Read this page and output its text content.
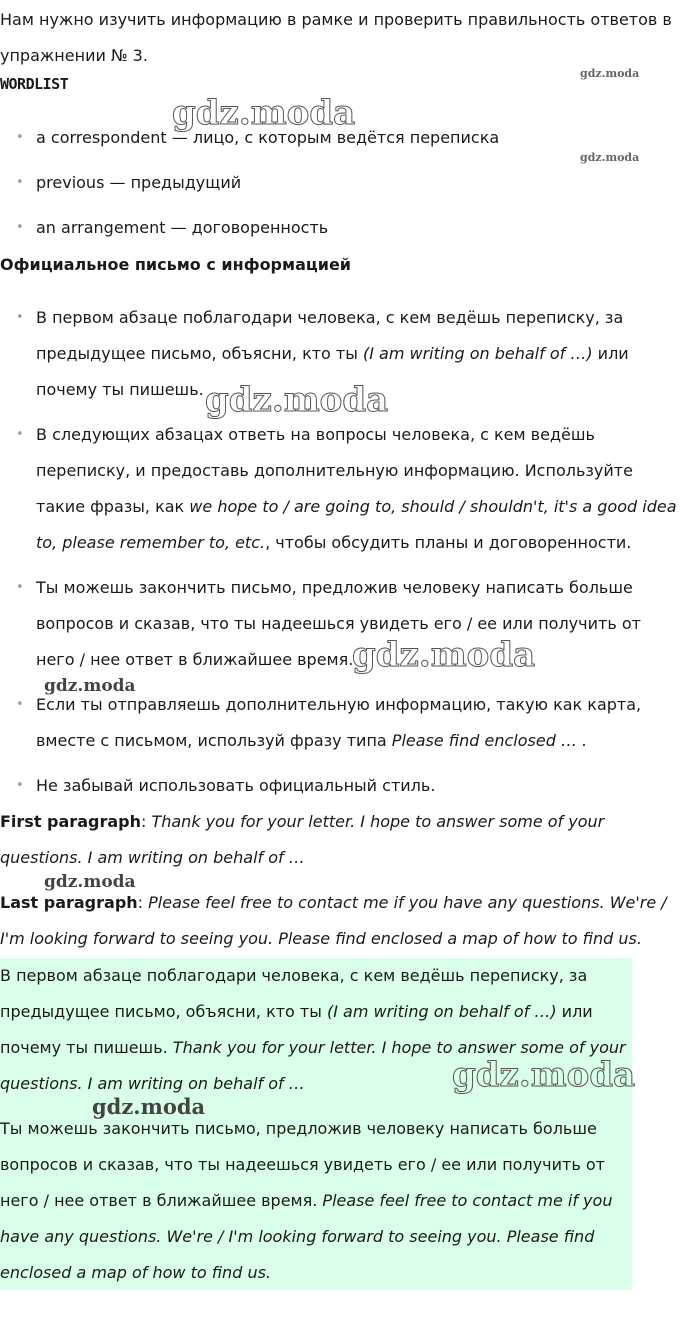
Нам нужно изучить информацию в рамке и проверить правильность ответов в упражнении № 3.

WORDLIST
• a correspondent — лицо, с которым ведётся переписка
• previous — предыдущий
• an arrangement — договоренность
Официальное письмо с информацией
• В первом абзаце поблагодари человека, с кем ведёшь переписку, за предыдущее письмо, объясни, кто ты (I am writing on behalf of …) или почему ты пишешь.
• В следующих абзацах ответь на вопросы человека, с кем ведёшь переписку, и предоставь дополнительную информацию. Используйте такие фразы, как we hope to / are going to, should / shouldn't, it's a good idea to, please remember to, etc., чтобы обсудить планы и договоренности.
• Ты можешь закончить письмо, предложив человеку написать больше вопросов и сказав, что ты надеешься увидеть его / ее или получить от него / нее ответ в ближайшее время.
• Если ты отправляешь дополнительную информацию, такую как карта, вместе с письмом, используй фразу типа Please find enclosed … .
• Не забывай использовать официальный стиль.

First paragraph: Thank you for your letter. I hope to answer some of your questions. I am writing on behalf of …

Last paragraph: Please feel free to contact me if you have any questions. We're / I'm looking forward to seeing you. Please find enclosed a map of how to find us.

В первом абзаце поблагодари человека, с кем ведёшь переписку, за предыдущее письмо, объясни, кто ты (I am writing on behalf of …) или почему ты пишешь. Thank you for your letter. I hope to answer some of your questions. I am writing on behalf of …

Ты можешь закончить письмо, предложив человеку написать больше вопросов и сказав, что ты надеешься увидеть его / ее или получить от него / нее ответ в ближайшее время. Please feel free to contact me if you have any questions. We're / I'm looking forward to seeing you. Please find enclosed a map of how to find us.

gdz.moda
gdz.moda
gdz.moda
gdz.moda
gdz.moda
gdz.moda
gdz.moda
gdz.moda
gdz.moda
